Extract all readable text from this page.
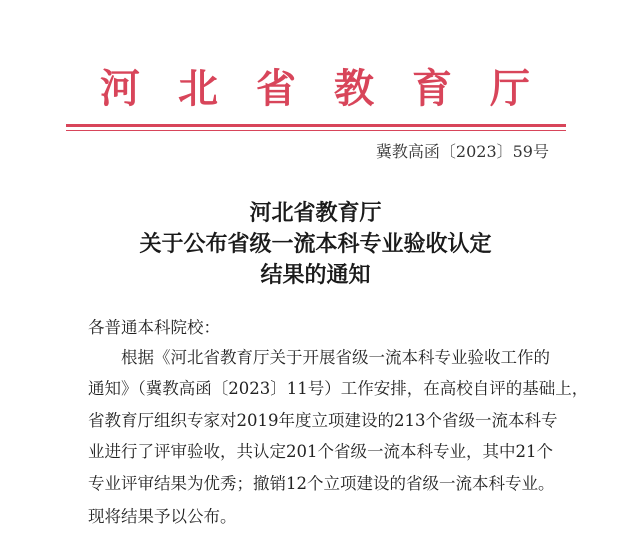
河 北 省 教 育 厅
冀教高函〔2023〕59号
河北省教育厅
关于公布省级一流本科专业验收认定
结果的通知
各普通本科院校：
　　根据《河北省教育厅关于开展省级一流本科专业验收工作的
通知》（冀教高函〔2023〕11号）工作安排，在高校自评的基础上，
省教育厅组织专家对2019年度立项建设的213个省级一流本科专
业进行了评审验收，共认定201个省级一流本科专业，其中21个
专业评审结果为优秀；撤销12个立项建设的省级一流本科专业。
现将结果予以公布。
